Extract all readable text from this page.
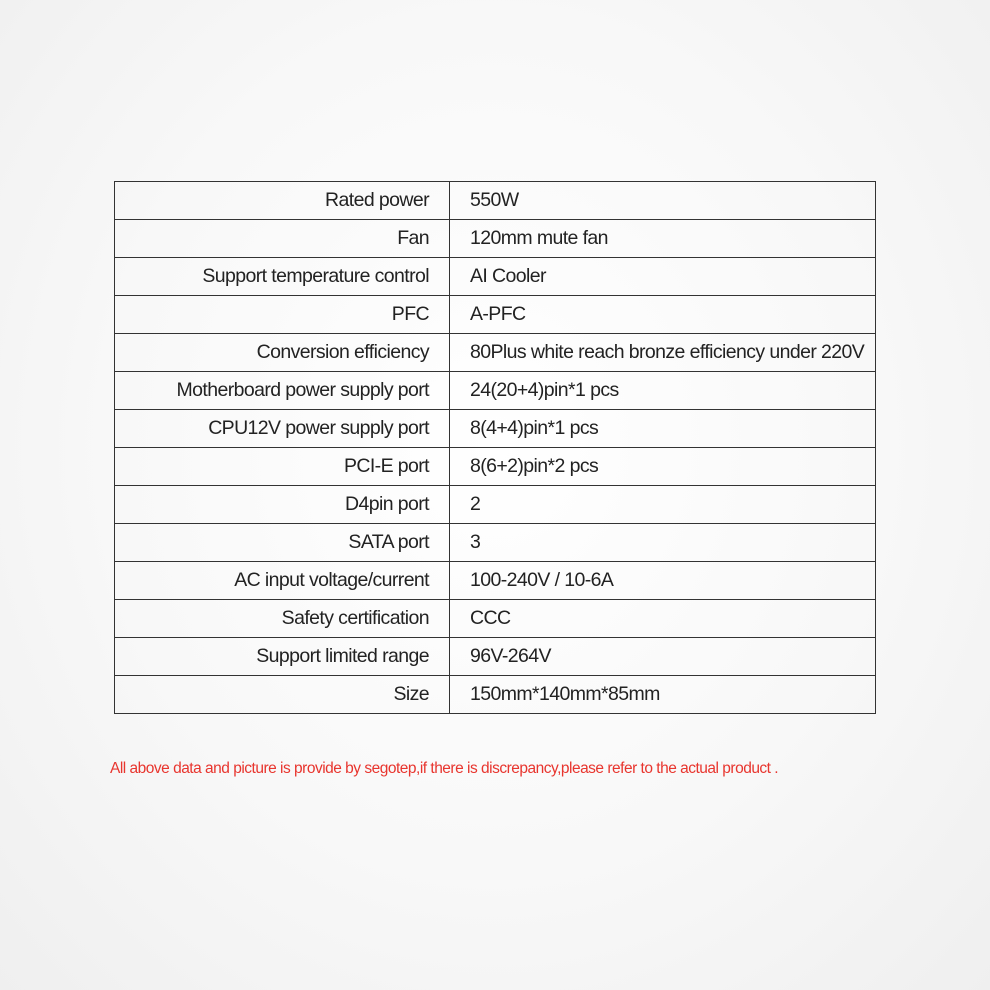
Rated power	550W
Fan	120mm mute fan
Support temperature control	AI Cooler
PFC	A-PFC
Conversion efficiency	80Plus white reach bronze efficiency under 220V
Motherboard power supply port	24(20+4)pin*1 pcs
CPU12V power supply port	8(4+4)pin*1 pcs
PCI-E port	8(6+2)pin*2 pcs
D4pin port	2
SATA port	3
AC input voltage/current	100-240V / 10-6A
Safety certification	CCC
Support limited range	96V-264V
Size	150mm*140mm*85mm
All above data and picture is provide by segotep,if there is discrepancy,please refer to the actual product .
